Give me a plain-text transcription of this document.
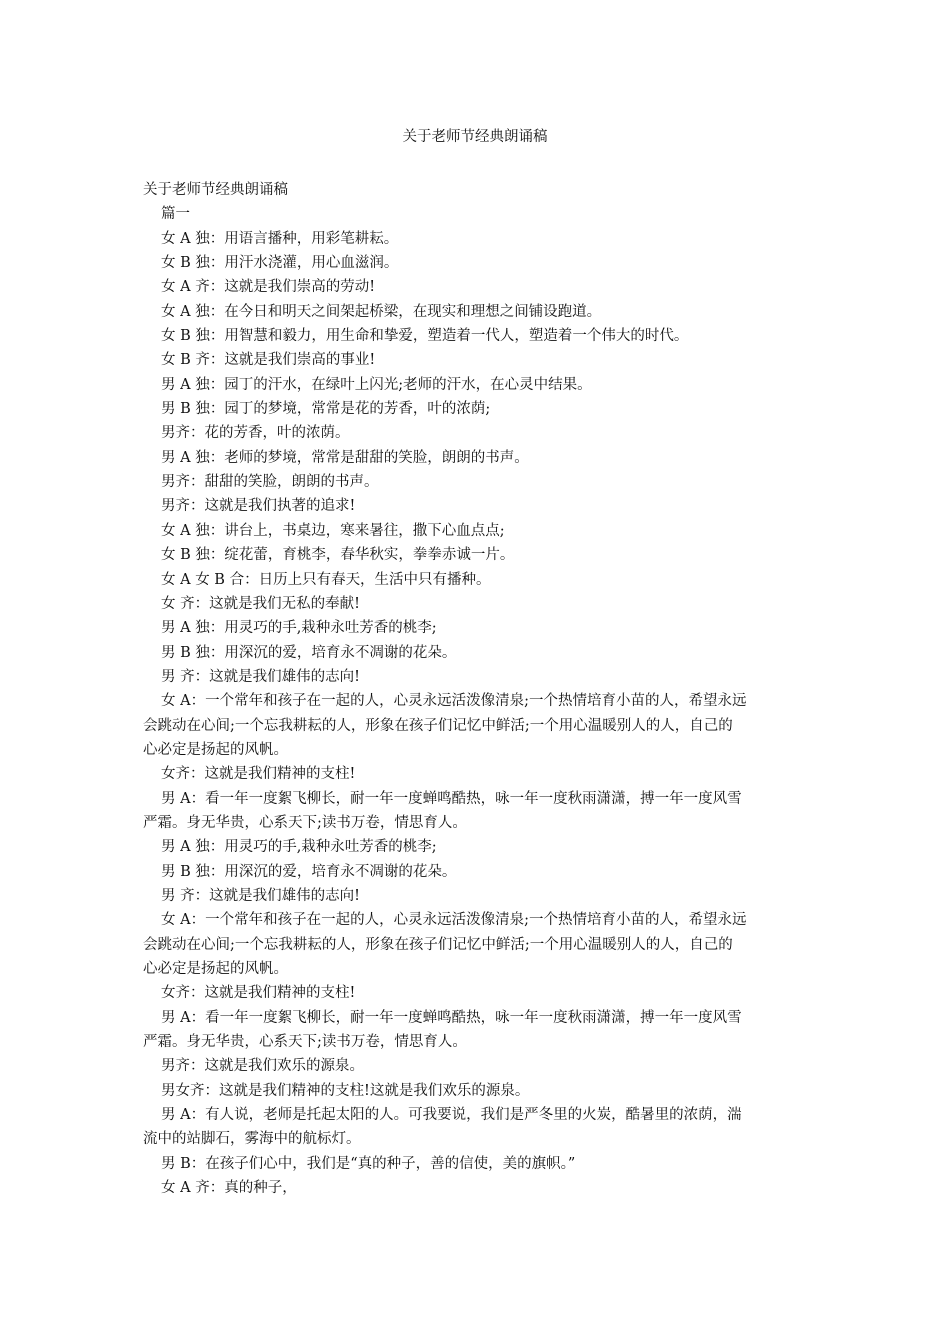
关于老师节经典朗诵稿
关于老师节经典朗诵稿
篇一
女 A 独：用语言播种，用彩笔耕耘。
女 B 独：用汗水浇灌，用心血滋润。
女 A 齐：这就是我们崇高的劳动!
女 A 独：在今日和明天之间架起桥梁，在现实和理想之间铺设跑道。
女 B 独：用智慧和毅力，用生命和挚爱，塑造着一代人，塑造着一个伟大的时代。
女 B 齐：这就是我们崇高的事业!
男 A 独：园丁的汗水，在绿叶上闪光;老师的汗水，在心灵中结果。
男 B 独：园丁的梦境，常常是花的芳香，叶的浓荫;
男齐：花的芳香，叶的浓荫。
男 A 独：老师的梦境，常常是甜甜的笑脸，朗朗的书声。
男齐：甜甜的笑脸，朗朗的书声。
男齐：这就是我们执著的追求!
女 A 独：讲台上，书桌边，寒来暑往，撒下心血点点;
女 B 独：绽花蕾，育桃李，春华秋实，拳拳赤诚一片。
女 A 女 B 合：日历上只有春天，生活中只有播种。
女 齐：这就是我们无私的奉献!
男 A 独：用灵巧的手,栽种永吐芳香的桃李;
男 B 独：用深沉的爱，培育永不凋谢的花朵。
男 齐：这就是我们雄伟的志向!
女 A：一个常年和孩子在一起的人，心灵永远活泼像清泉;一个热情培育小苗的人，希望永远
会跳动在心间;一个忘我耕耘的人，形象在孩子们记忆中鲜活;一个用心温暖别人的人，自己的
心必定是扬起的风帆。
女齐：这就是我们精神的支柱!
男 A：看一年一度絮飞柳长，耐一年一度蝉鸣酷热，咏一年一度秋雨潇潇，搏一年一度风雪
严霜。身无华贵，心系天下;读书万卷，情思育人。
男 A 独：用灵巧的手,栽种永吐芳香的桃李;
男 B 独：用深沉的爱，培育永不凋谢的花朵。
男 齐：这就是我们雄伟的志向!
女 A：一个常年和孩子在一起的人，心灵永远活泼像清泉;一个热情培育小苗的人，希望永远
会跳动在心间;一个忘我耕耘的人，形象在孩子们记忆中鲜活;一个用心温暖别人的人，自己的
心必定是扬起的风帆。
女齐：这就是我们精神的支柱!
男 A：看一年一度絮飞柳长，耐一年一度蝉鸣酷热，咏一年一度秋雨潇潇，搏一年一度风雪
严霜。身无华贵，心系天下;读书万卷，情思育人。
男齐：这就是我们欢乐的源泉。
男女齐：这就是我们精神的支柱!这就是我们欢乐的源泉。
男 A：有人说，老师是托起太阳的人。可我要说，我们是严冬里的火炭，酷暑里的浓荫，湍
流中的站脚石，雾海中的航标灯。
男 B：在孩子们心中，我们是“真的种子，善的信使，美的旗帜。”
女 A 齐：真的种子，
